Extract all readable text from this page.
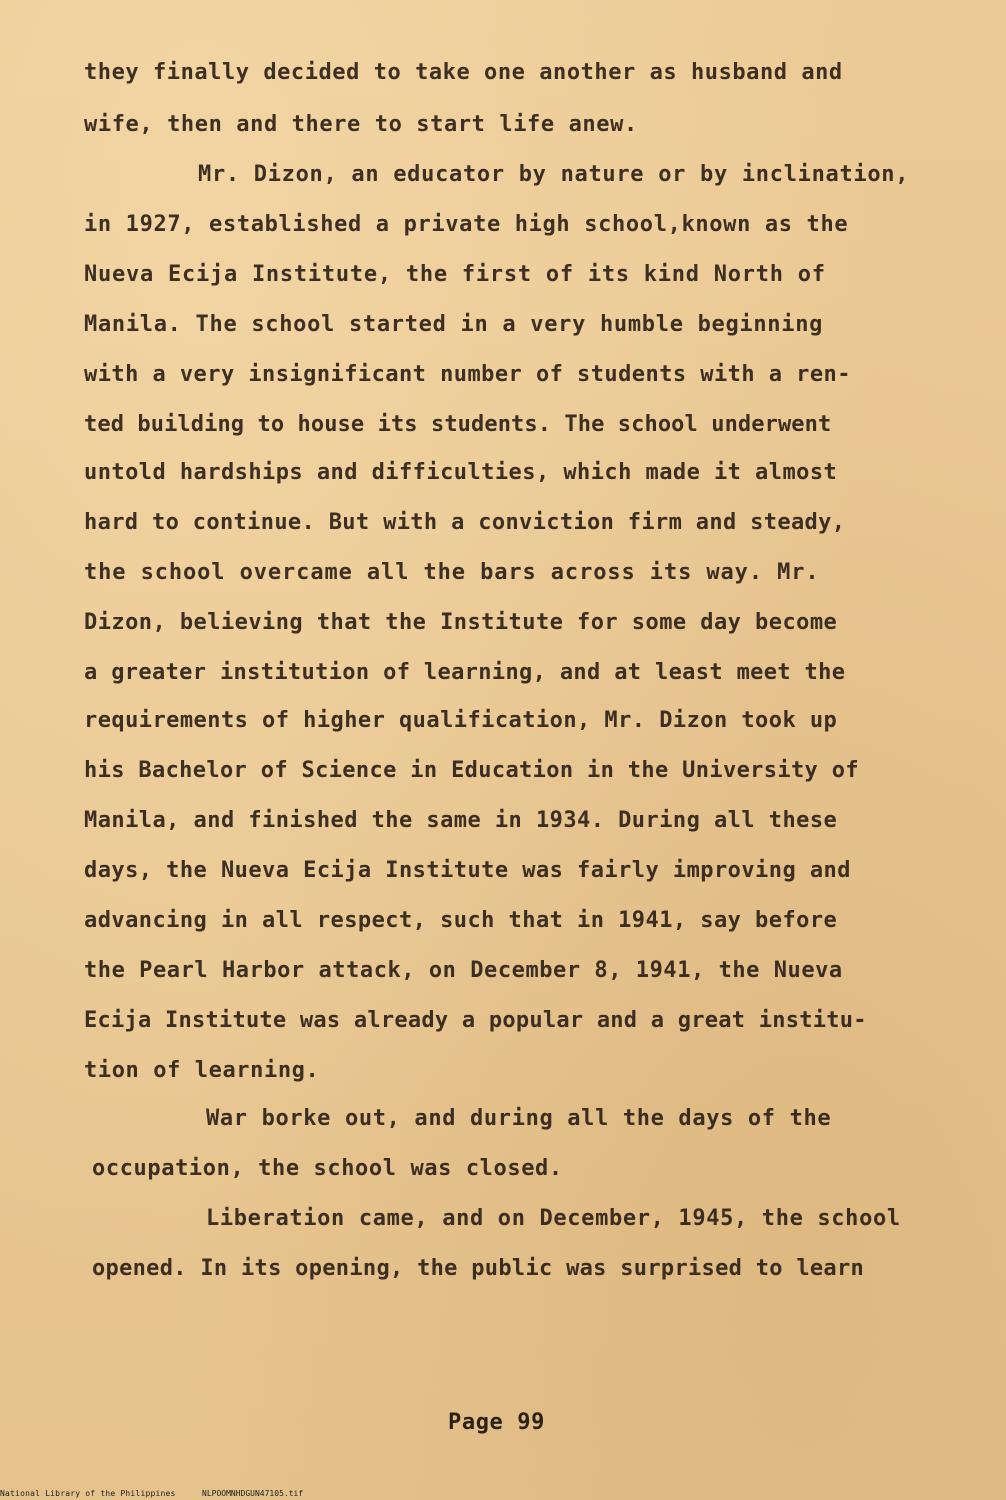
they finally decided to take one another as husband and
wife, then and there to start life anew.
Mr. Dizon, an educator by nature or by inclination,
in 1927, established a private high school,known as the
Nueva Ecija Institute, the first of its kind North of
Manila. The school started in a very humble beginning
with a very insignificant number of students with a ren-
ted building to house its students. The school underwent
untold hardships and difficulties, which made it almost
hard to continue. But with a conviction firm and steady,
the school overcame all the bars across its way. Mr.
Dizon, believing that the Institute for some day become
a greater institution of learning, and at least meet the
requirements of higher qualification, Mr. Dizon took up
his Bachelor of Science in Education in the University of
Manila, and finished the same in 1934. During all these
days, the Nueva Ecija Institute was fairly improving and
advancing in all respect, such that in 1941, say before
the Pearl Harbor attack, on December 8, 1941, the Nueva
Ecija Institute was already a popular and a great institu-
tion of learning.
War borke out, and during all the days of the
occupation, the school was closed.
Liberation came, and on December, 1945, the school
opened. In its opening, the public was surprised to learn
Page 99
National Library of the Philippines	NLPOOMNHDGUN47105.tif
